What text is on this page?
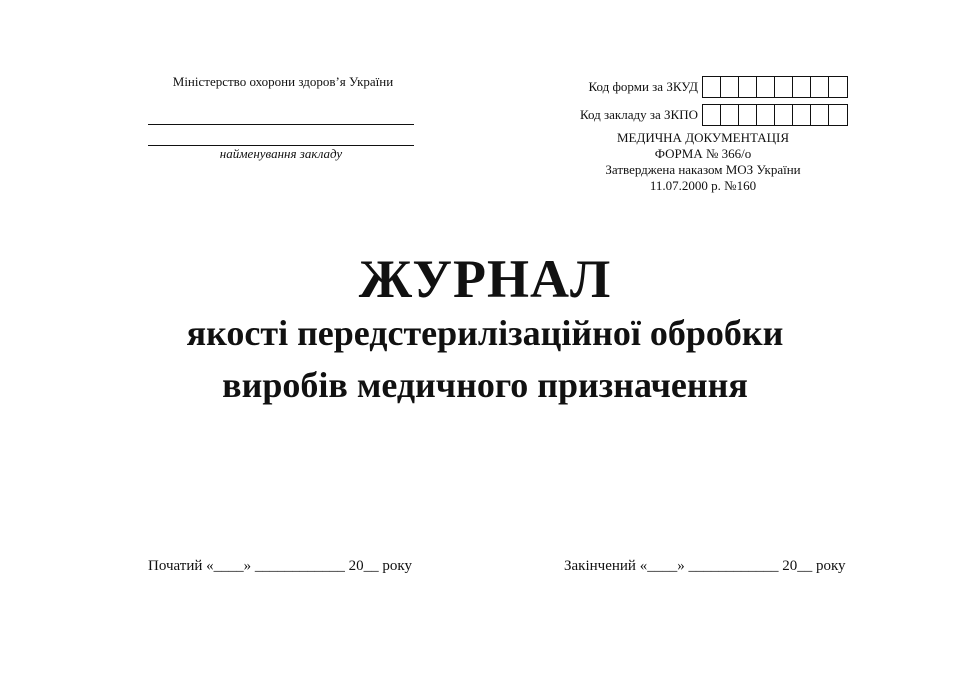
Міністерство охорони здоров’я України
найменування закладу
Код форми за ЗКУД
Код закладу за ЗКПО
МЕДИЧНА ДОКУМЕНТАЦІЯ
ФОРМА № 366/о
Затверджена наказом МОЗ України
11.07.2000 р. №160
ЖУРНАЛ
якості передстерилізаційної обробки
виробів медичного призначення
Початий «____» ____________ 20__ року	Закінчений «____» ____________ 20__ року
